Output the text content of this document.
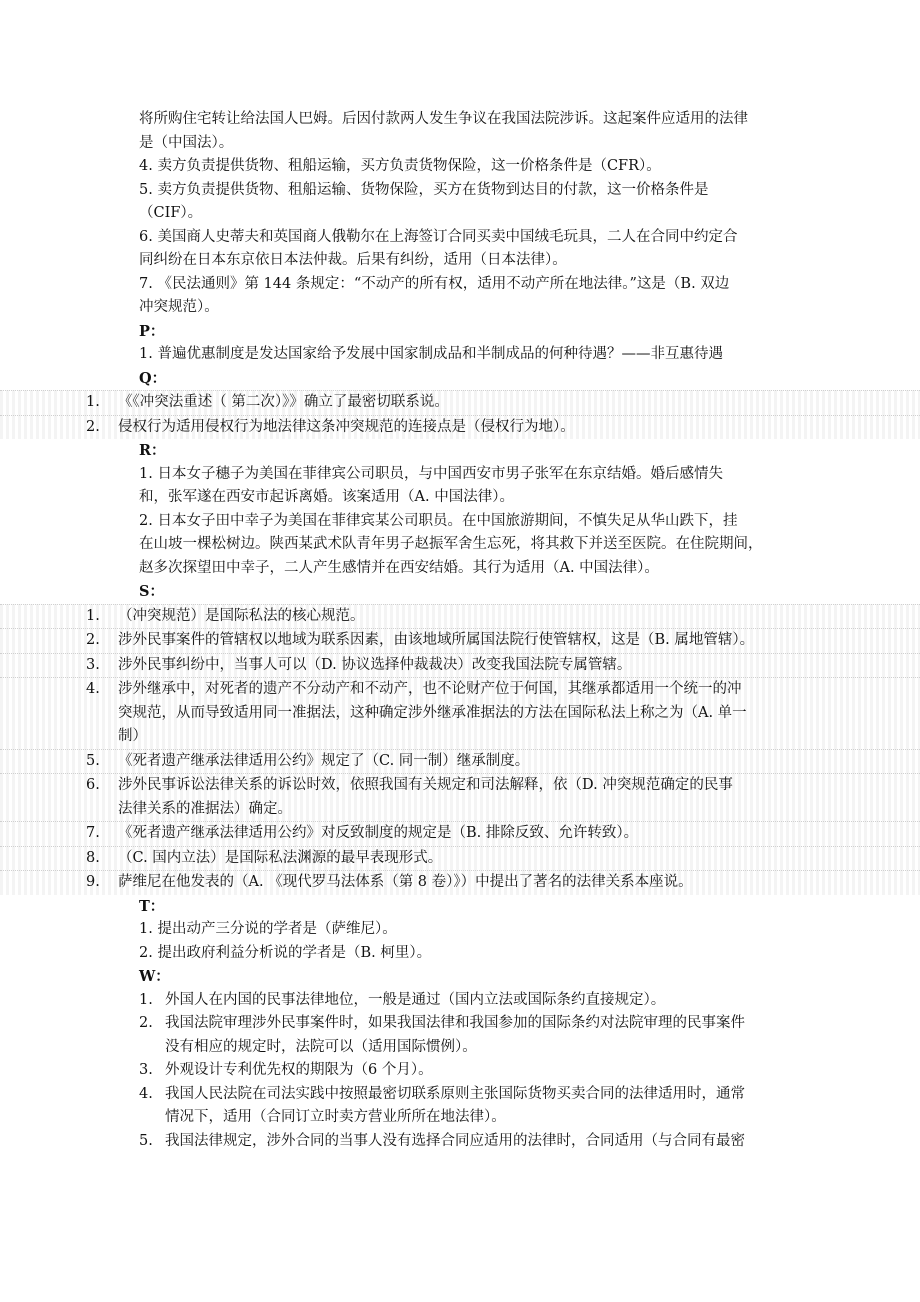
将所购住宅转让给法国人巴姆。后因付款两人发生争议在我国法院涉诉。这起案件应适用的法律
是（中国法）。
4. 卖方负责提供货物、租船运输，买方负责货物保险，这一价格条件是（CFR）。
5. 卖方负责提供货物、租船运输、货物保险，买方在货物到达目的付款，这一价格条件是
（CIF）。
6. 美国商人史蒂夫和英国商人俄勒尔在上海签订合同买卖中国绒毛玩具，二人在合同中约定合
同纠纷在日本东京依日本法仲裁。后果有纠纷，适用（日本法律）。
7. 《民法通则》第 144 条规定：“不动产的所有权，适用不动产所在地法律。”这是（B. 双边
冲突规范）。
P：
1. 普遍优惠制度是发达国家给予发展中国家制成品和半制成品的何种待遇？——非互惠待遇
Q：
1.	《《冲突法重述（ 第二次）》》确立了最密切联系说。
2.	侵权行为适用侵权行为地法律这条冲突规范的连接点是（侵权行为地）。
R：
1. 日本女子穗子为美国在菲律宾公司职员，与中国西安市男子张军在东京结婚。婚后感情失
和，张军遂在西安市起诉离婚。该案适用（A. 中国法律）。
2. 日本女子田中幸子为美国在菲律宾某公司职员。在中国旅游期间，不慎失足从华山跌下，挂
在山坡一棵松树边。陕西某武术队青年男子赵振军舍生忘死，将其救下并送至医院。在住院期间，
赵多次探望田中幸子，二人产生感情并在西安结婚。其行为适用（A. 中国法律）。
S：
1.	（冲突规范）是国际私法的核心规范。
2.	涉外民事案件的管辖权以地域为联系因素，由该地域所属国法院行使管辖权，这是（B. 属地管辖）。
3.	涉外民事纠纷中，当事人可以（D. 协议选择仲裁裁决）改变我国法院专属管辖。
4.	涉外继承中，对死者的遗产不分动产和不动产，也不论财产位于何国，其继承都适用一个统一的冲
突规范，从而导致适用同一准据法，这种确定涉外继承准据法的方法在国际私法上称之为（A. 单一
制）
5.	《死者遗产继承法律适用公约》规定了（C. 同一制）继承制度。
6.	涉外民事诉讼法律关系的诉讼时效，依照我国有关规定和司法解释，依（D. 冲突规范确定的民事
法律关系的准据法）确定。
7.	《死者遗产继承法律适用公约》对反致制度的规定是（B. 排除反致、允许转致）。
8.	（C. 国内立法）是国际私法渊源的最早表现形式。
9.	萨维尼在他发表的（A. 《现代罗马法体系（第 8 卷）》）中提出了著名的法律关系本座说。
T：
1. 提出动产三分说的学者是（萨维尼）。
2. 提出政府利益分析说的学者是（B. 柯里）。
W：
1. 外国人在内国的民事法律地位，一般是通过（国内立法或国际条约直接规定）。
2. 我国法院审理涉外民事案件时，如果我国法律和我国参加的国际条约对法院审理的民事案件
没有相应的规定时，法院可以（适用国际惯例）。
3. 外观设计专利优先权的期限为（6 个月）。
4. 我国人民法院在司法实践中按照最密切联系原则主张国际货物买卖合同的法律适用时，通常
情况下，适用（合同订立时卖方营业所所在地法律）。
5. 我国法律规定，涉外合同的当事人没有选择合同应适用的法律时，合同适用（与合同有最密
